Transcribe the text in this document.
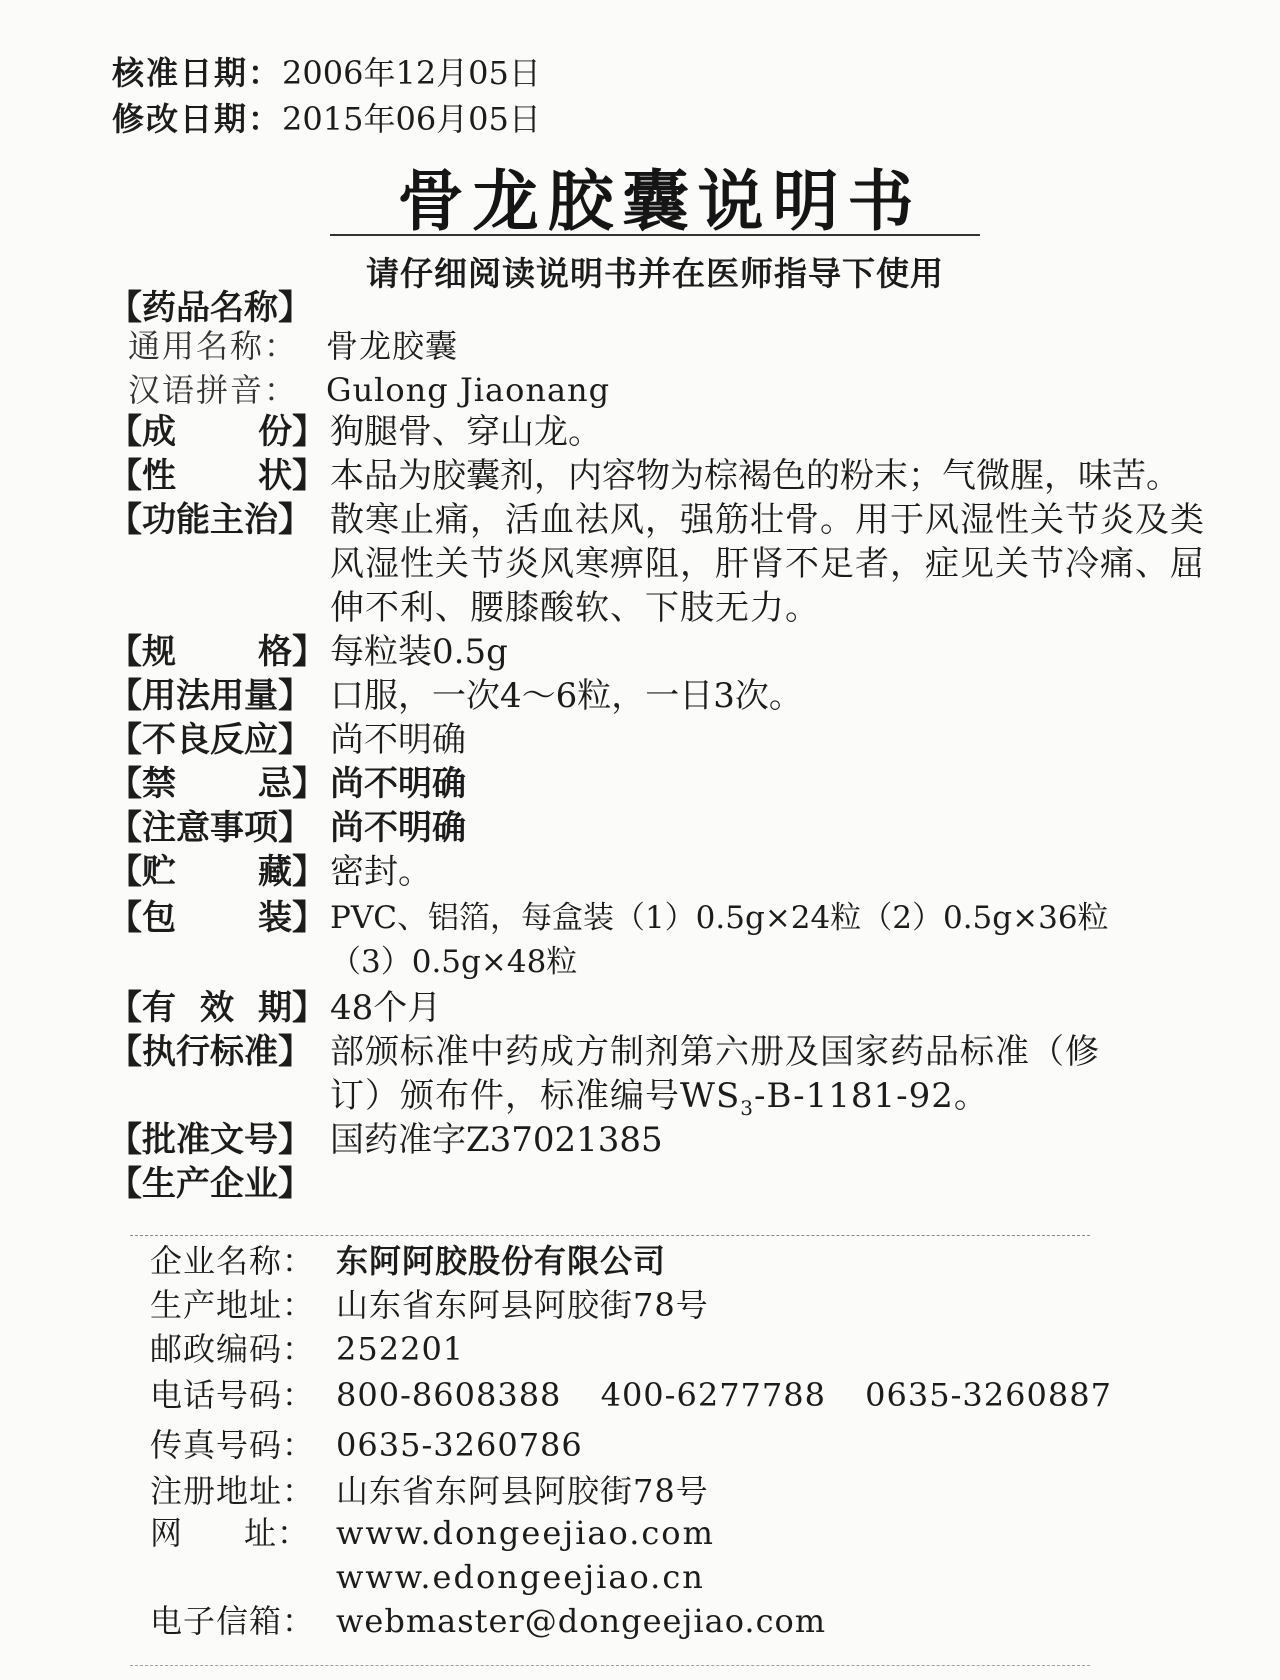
核准日期：2006年12月05日
修改日期：2015年06月05日
骨龙胶囊说明书
请仔细阅读说明书并在医师指导下使用
【药品名称】
通用名称： 骨龙胶囊
汉语拼音： Gulong Jiaonang
【成 份】 狗腿骨、穿山龙。
【性 状】 本品为胶囊剂，内容物为棕褐色的粉末；气微腥，味苦。
【功能主治】 散寒止痛，活血祛风，强筋壮骨。用于风湿性关节炎及类风湿性关节炎风寒痹阻，肝肾不足者，症见关节冷痛、屈伸不利、腰膝酸软、下肢无力。
【规 格】 每粒装0.5g
【用法用量】 口服，一次4～6粒，一日3次。
【不良反应】 尚不明确
【禁 忌】 尚不明确
【注意事项】 尚不明确
【贮 藏】 密封。
【包 装】 PVC、铝箔，每盒装（1）0.5g×24粒（2）0.5g×36粒
（3）0.5g×48粒
【有 效 期】 48个月
【执行标准】 部颁标准中药成方制剂第六册及国家药品标准（修
订）颁布件，标准编号$WS_3-B-1181-92$。
【批准文号】 国药准字Z37021385
【生产企业】
企业名称： 东阿阿胶股份有限公司
生产地址： 山东省东阿县阿胶街78号
邮政编码： 252201
电话号码： 800-8608388 400-6277788 0635-3260887
传真号码： 0635-3260786
注册地址： 山东省东阿县阿胶街78号
网 址： www.dongeejiao.com
www.edongeejiao.cn
电子信箱： webmaster@dongeejiao.com
